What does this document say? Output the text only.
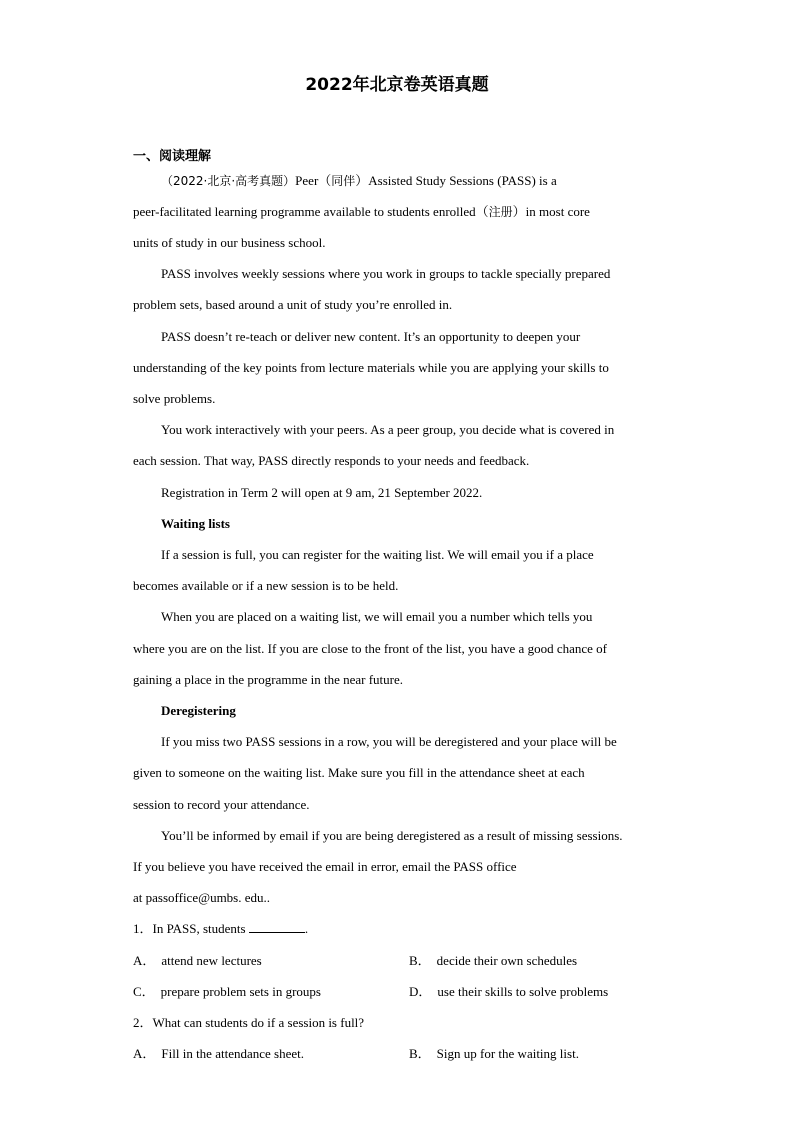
2022年北京卷英语真题
一、阅读理解
（2022·北京·高考真题）Peer（同伴）Assisted Study Sessions (PASS) is a
peer-facilitated learning programme available to students enrolled（注册）in most core
units of study in our business school.
PASS involves weekly sessions where you work in groups to tackle specially prepared
problem sets, based around a unit of study you’re enrolled in.
PASS doesn’t re-teach or deliver new content. It’s an opportunity to deepen your
understanding of the key points from lecture materials while you are applying your skills to
solve problems.
You work interactively with your peers. As a peer group, you decide what is covered in
each session. That way, PASS directly responds to your needs and feedback.
Registration in Term 2 will open at 9 am, 21 September 2022.
Waiting lists
If a session is full, you can register for the waiting list. We will email you if a place
becomes available or if a new session is to be held.
When you are placed on a waiting list, we will email you a number which tells you
where you are on the list. If you are close to the front of the list, you have a good chance of
gaining a place in the programme in the near future.
Deregistering
If you miss two PASS sessions in a row, you will be deregistered and your place will be
given to someone on the waiting list. Make sure you fill in the attendance sheet at each
session to record your attendance.
You’ll be informed by email if you are being deregistered as a result of missing sessions.
If you believe you have received the email in error, email the PASS office
at passoffice@umbs. edu..
1．In PASS, students	.
A． attend new lectures	B． decide their own schedules
C． prepare problem sets in groups	D． use their skills to solve problems
2．What can students do if a session is full?
A． Fill in the attendance sheet.	B． Sign up for the waiting list.
